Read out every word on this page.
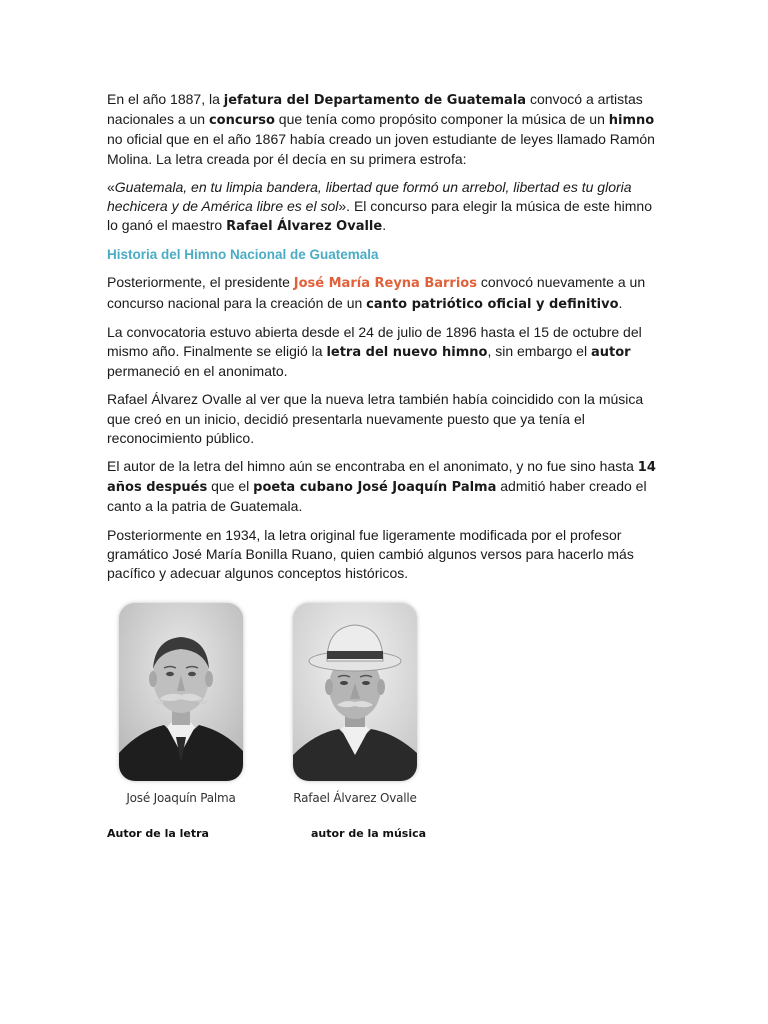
En el año 1887, la jefatura del Departamento de Guatemala convocó a artistas nacionales a un concurso que tenía como propósito componer la música de un himno no oficial que en el año 1867 había creado un joven estudiante de leyes llamado Ramón Molina. La letra creada por él decía en su primera estrofa:

«Guatemala, en tu limpia bandera, libertad que formó un arrebol, libertad es tu gloria hechicera y de América libre es el sol». El concurso para elegir la música de este himno lo ganó el maestro Rafael Álvarez Ovalle.

Historia del Himno Nacional de Guatemala

Posteriormente, el presidente José María Reyna Barrios convocó nuevamente a un concurso nacional para la creación de un canto patriótico oficial y definitivo.

La convocatoria estuvo abierta desde el 24 de julio de 1896 hasta el 15 de octubre del mismo año. Finalmente se eligió la letra del nuevo himno, sin embargo el autor permaneció en el anonimato.

Rafael Álvarez Ovalle al ver que la nueva letra también había coincidido con la música que creó en un inicio, decidió presentarla nuevamente puesto que ya tenía el reconocimiento público.

El autor de la letra del himno aún se encontraba en el anonimato, y no fue sino hasta 14 años después que el poeta cubano José Joaquín Palma admitió haber creado el canto a la patria de Guatemala.

Posteriormente en 1934, la letra original fue ligeramente modificada por el profesor gramático José María Bonilla Ruano, quien cambió algunos versos para hacerlo más pacífico y adecuar algunos conceptos históricos.

José Joaquín Palma	Rafael Álvarez Ovalle
Autor de la letra	autor de la música
